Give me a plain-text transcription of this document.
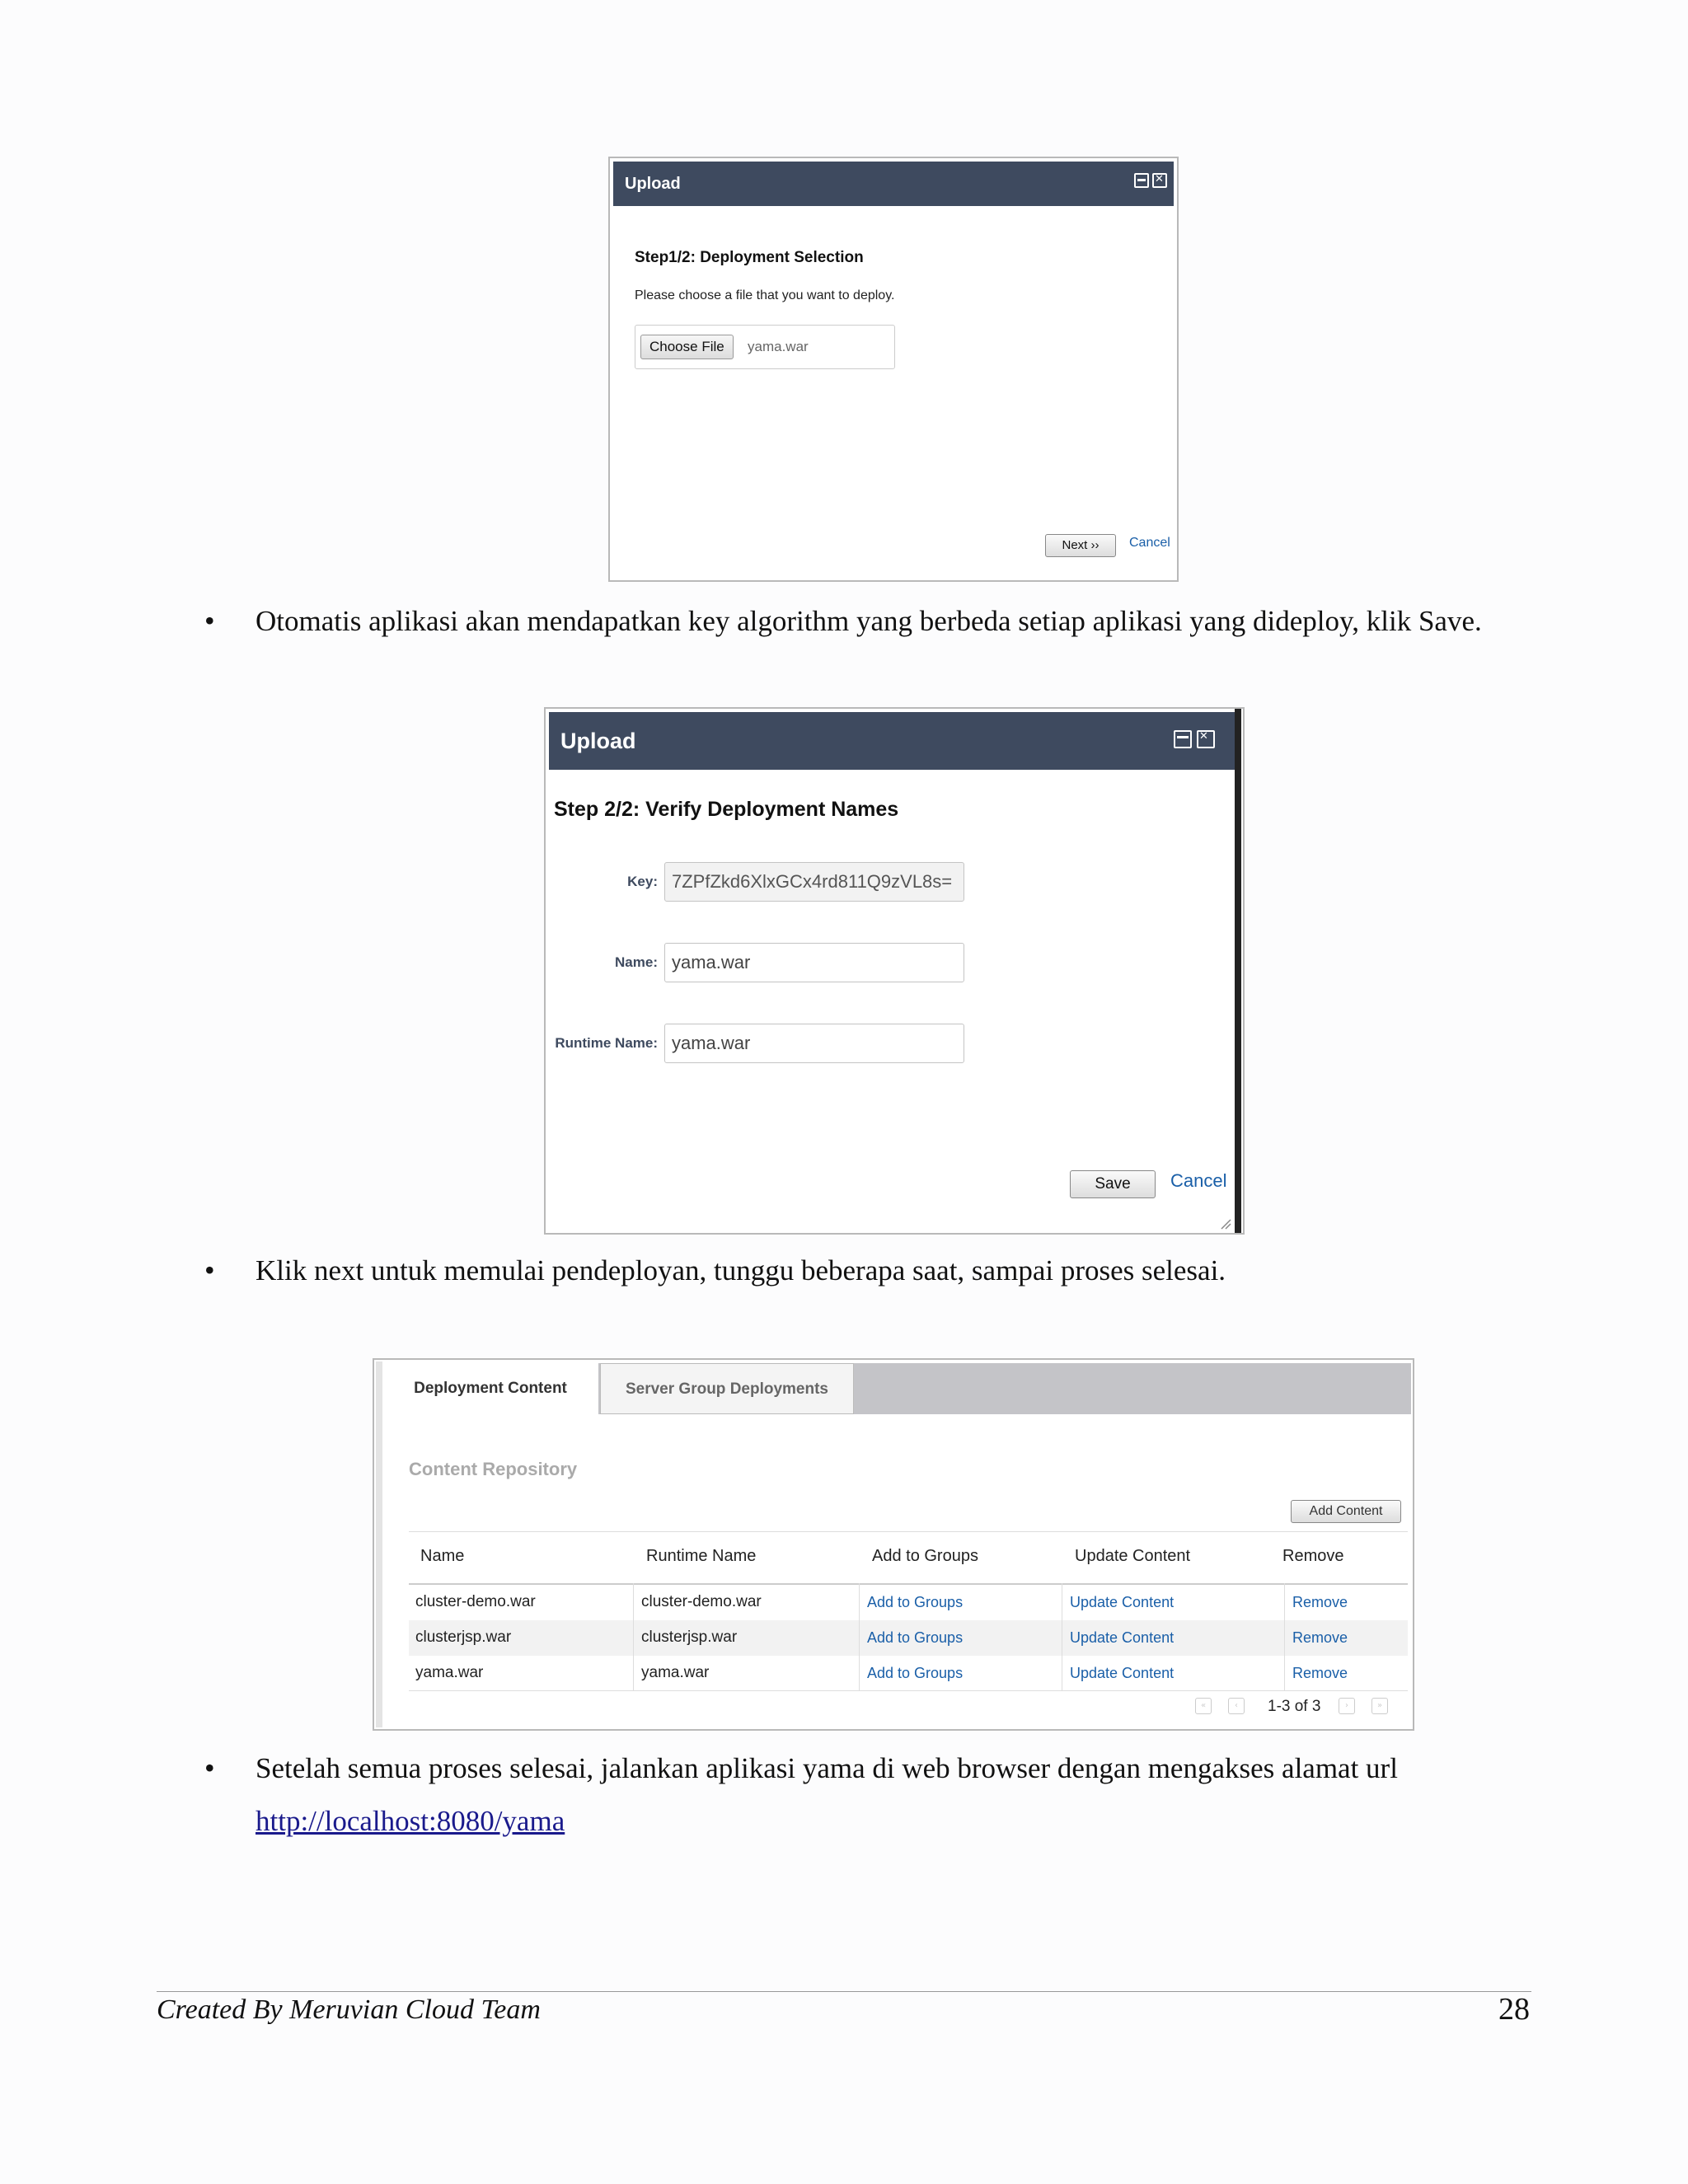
Upload
✕
Step1/2: Deployment Selection
Please choose a file that you want to deploy.
Choose File	yama.war
Next ››	Cancel
• Otomatis aplikasi akan mendapatkan key algorithm yang berbeda setiap aplikasi yang dideploy, klik Save.
Upload
✕
Step 2/2: Verify Deployment Names
Key: 7ZPfZkd6XlxGCx4rd811Q9zVL8s=
Name: yama.war
Runtime Name: yama.war
Save	Cancel
• Klik next untuk memulai pendeployan, tunggu beberapa saat, sampai proses selesai.
Deployment Content	Server Group Deployments
Content Repository
Add Content
Name	Runtime Name	Add to Groups	Update Content	Remove
cluster-demo.war	cluster-demo.war	Add to Groups	Update Content	Remove
clusterjsp.war	clusterjsp.war	Add to Groups	Update Content	Remove
yama.war	yama.war	Add to Groups	Update Content	Remove
«	‹	1-3 of 3	›	»
• Setelah semua proses selesai, jalankan aplikasi yama di web browser dengan mengakses alamat url
http://localhost:8080/yama
Created By Meruvian Cloud Team	28
